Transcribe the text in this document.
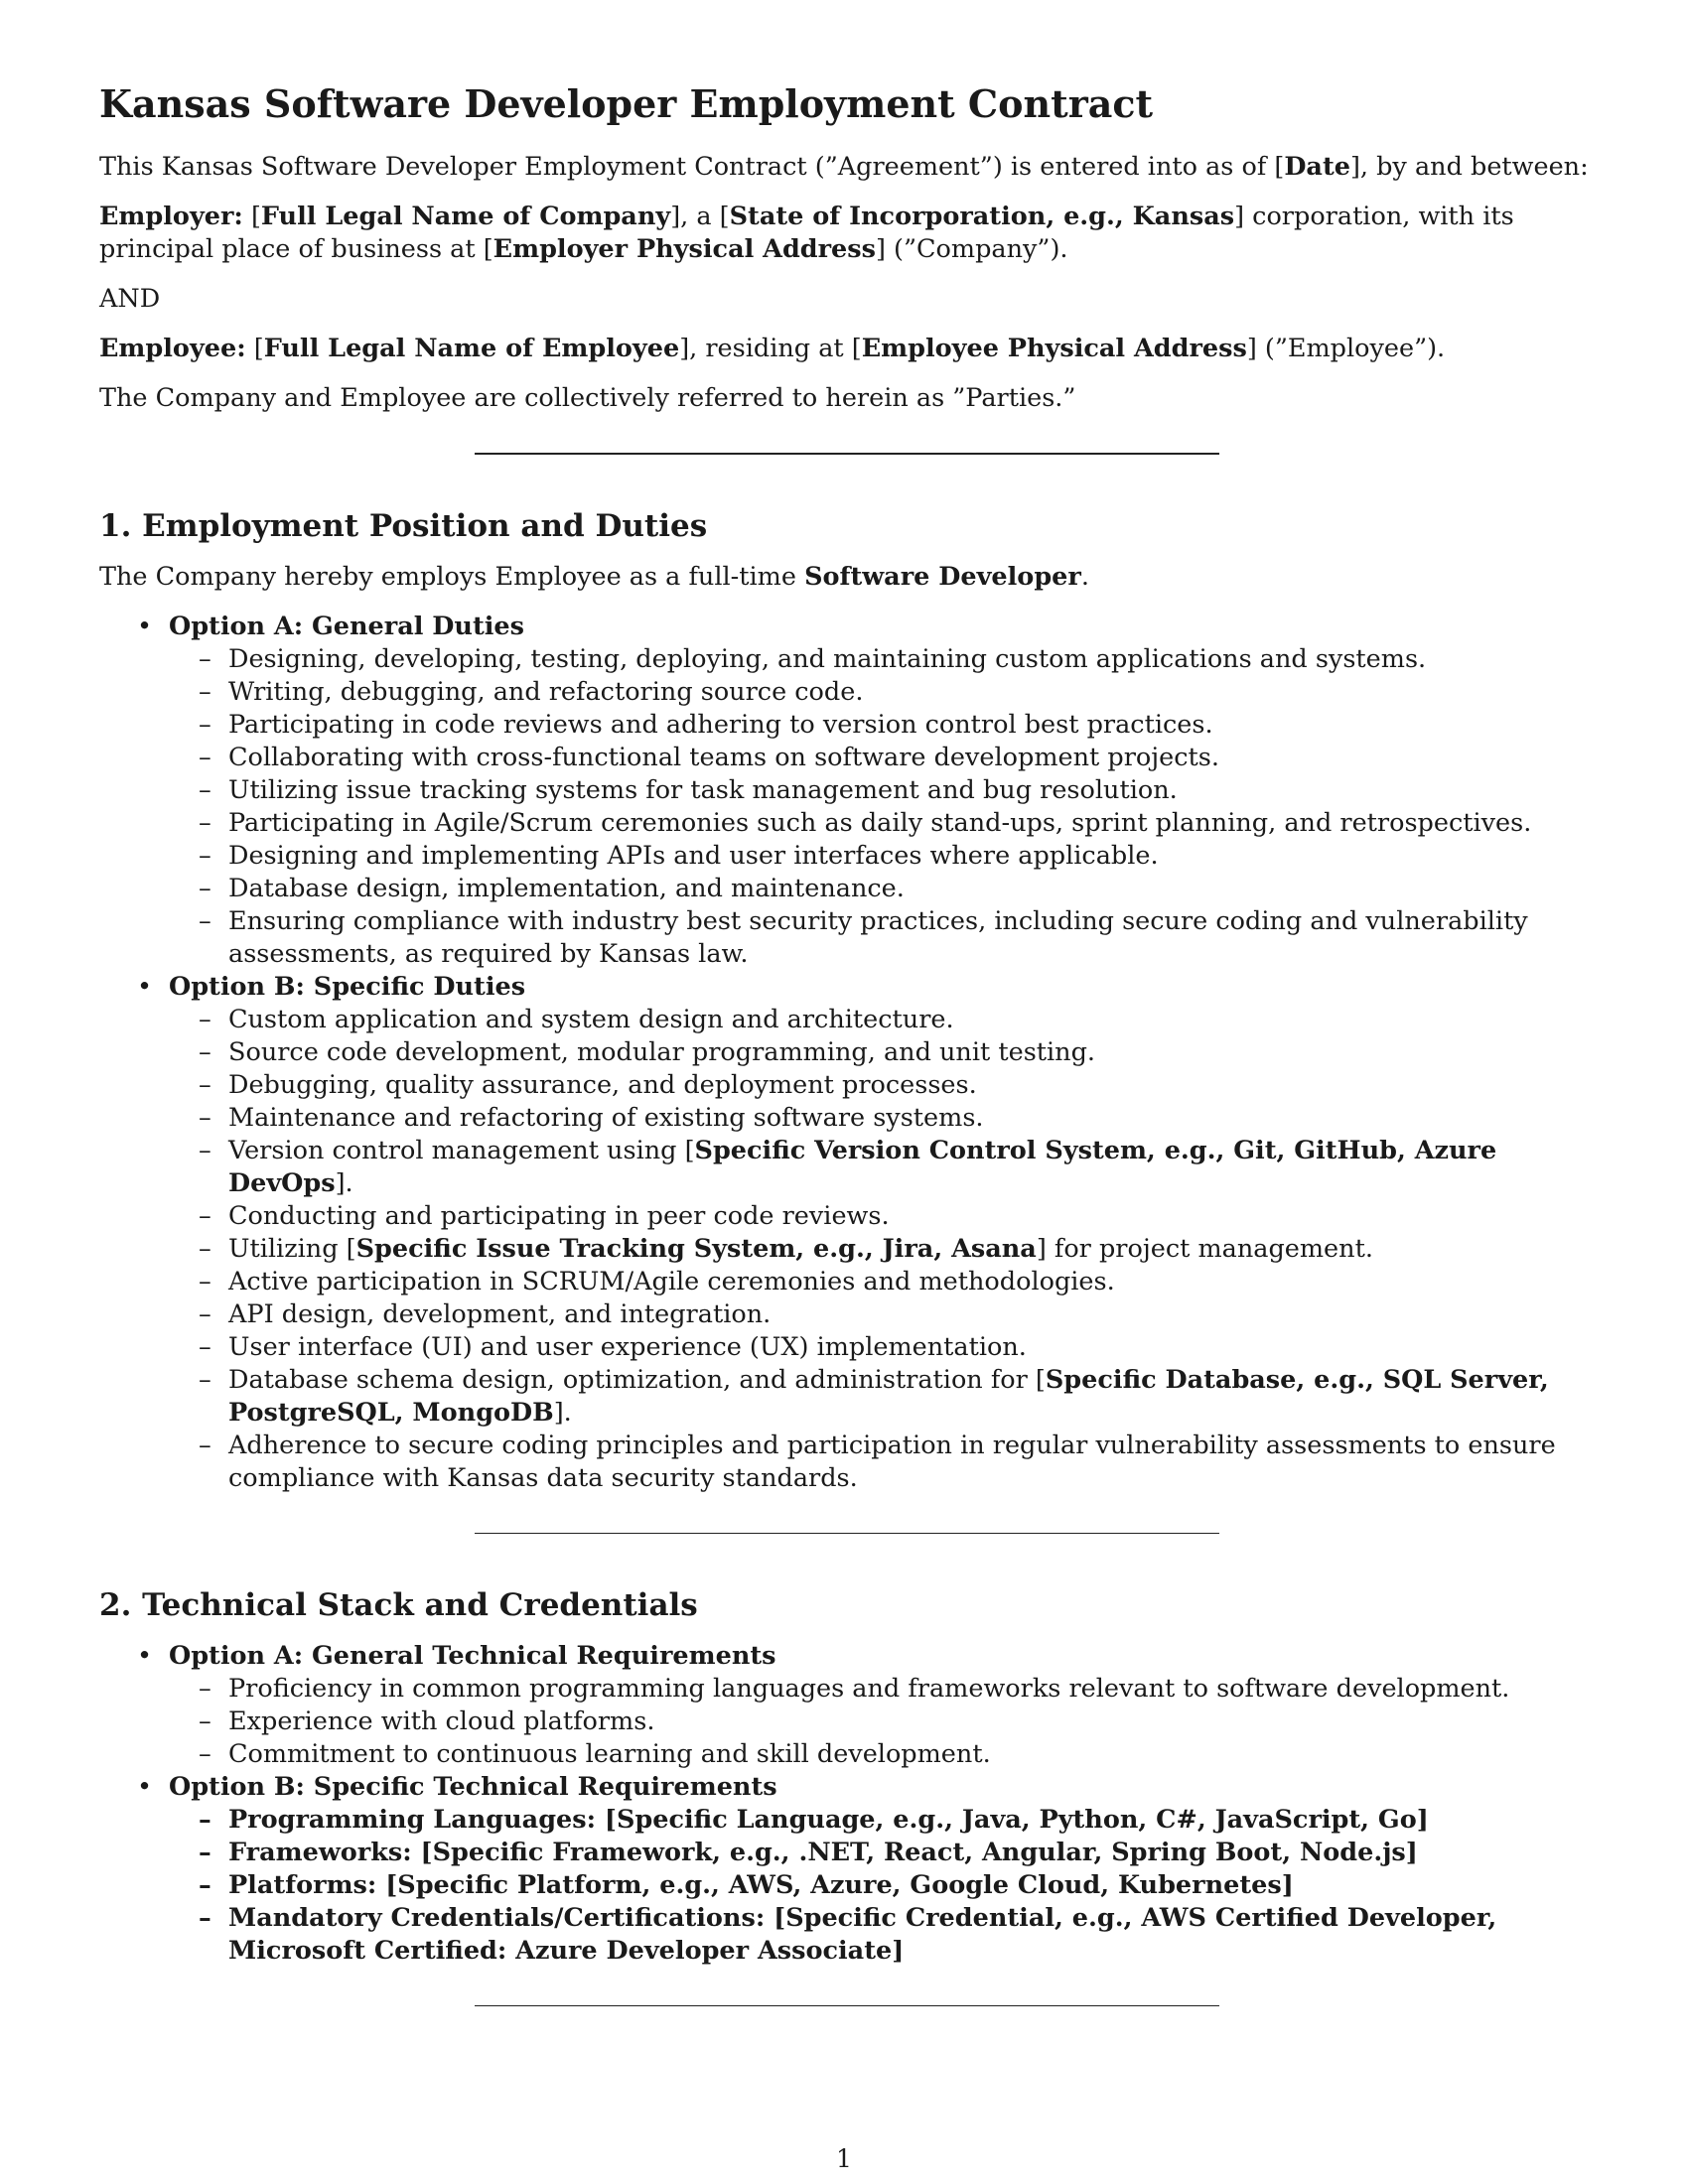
Kansas Software Developer Employment Contract

This Kansas Software Developer Employment Contract (”Agreement”) is entered into as of [Date], by and between:

Employer: [Full Legal Name of Company], a [State of Incorporation, e.g., Kansas] corporation, with its principal place of business at [Employer Physical Address] (”Company”).

AND

Employee: [Full Legal Name of Employee], residing at [Employee Physical Address] (”Employee”).

The Company and Employee are collectively referred to herein as ”Parties.”

1. Employment Position and Duties

The Company hereby employs Employee as a full-time Software Developer.

• Option A: General Duties
– Designing, developing, testing, deploying, and maintaining custom applications and systems.
– Writing, debugging, and refactoring source code.
– Participating in code reviews and adhering to version control best practices.
– Collaborating with cross-functional teams on software development projects.
– Utilizing issue tracking systems for task management and bug resolution.
– Participating in Agile/Scrum ceremonies such as daily stand-ups, sprint planning, and retrospectives.
– Designing and implementing APIs and user interfaces where applicable.
– Database design, implementation, and maintenance.
– Ensuring compliance with industry best security practices, including secure coding and vulnerability assessments, as required by Kansas law.
• Option B: Specific Duties
– Custom application and system design and architecture.
– Source code development, modular programming, and unit testing.
– Debugging, quality assurance, and deployment processes.
– Maintenance and refactoring of existing software systems.
– Version control management using [Specific Version Control System, e.g., Git, GitHub, Azure DevOps].
– Conducting and participating in peer code reviews.
– Utilizing [Specific Issue Tracking System, e.g., Jira, Asana] for project management.
– Active participation in SCRUM/Agile ceremonies and methodologies.
– API design, development, and integration.
– User interface (UI) and user experience (UX) implementation.
– Database schema design, optimization, and administration for [Specific Database, e.g., SQL Server, PostgreSQL, MongoDB].
– Adherence to secure coding principles and participation in regular vulnerability assessments to ensure compliance with Kansas data security standards.
2. Technical Stack and Credentials
• Option A: General Technical Requirements
– Proficiency in common programming languages and frameworks relevant to software development.
– Experience with cloud platforms.
– Commitment to continuous learning and skill development.
• Option B: Specific Technical Requirements
– Programming Languages: [Specific Language, e.g., Java, Python, C#, JavaScript, Go]
– Frameworks: [Specific Framework, e.g., .NET, React, Angular, Spring Boot, Node.js]
– Platforms: [Specific Platform, e.g., AWS, Azure, Google Cloud, Kubernetes]
– Mandatory Credentials/Certifications: [Specific Credential, e.g., AWS Certified Developer, Microsoft Certified: Azure Developer Associate]
1
